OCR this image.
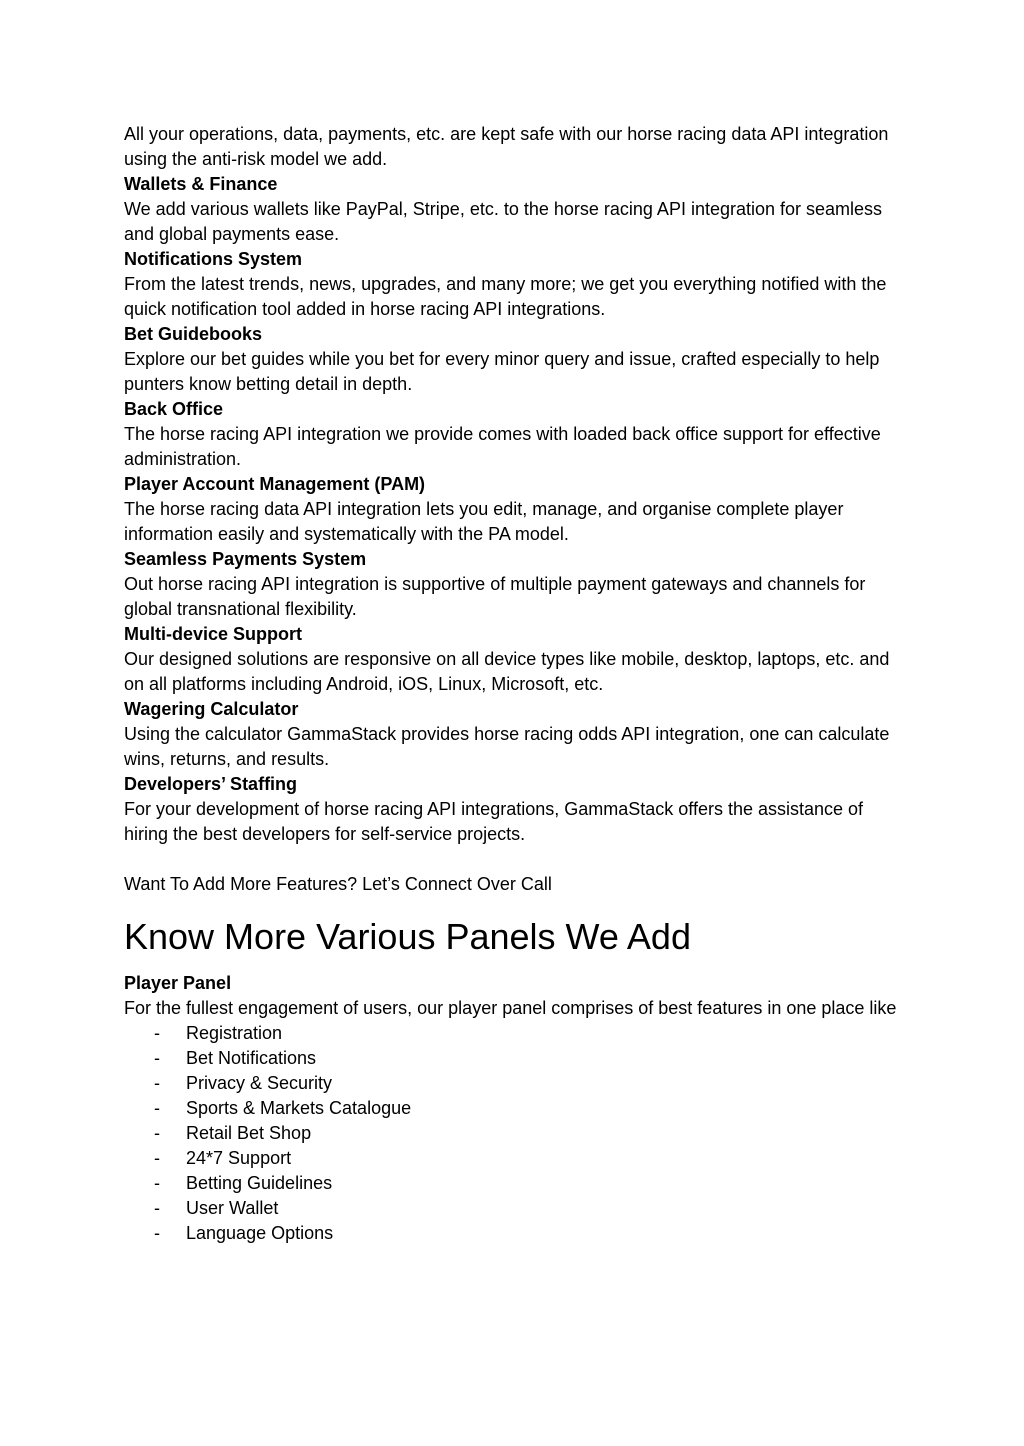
All your operations, data, payments, etc. are kept safe with our horse racing data API integration using the anti-risk model we add.

Wallets & Finance

We add various wallets like PayPal, Stripe, etc. to the horse racing API integration for seamless and global payments ease.

Notifications System

From the latest trends, news, upgrades, and many more; we get you everything notified with the quick notification tool added in horse racing API integrations.

Bet Guidebooks

Explore our bet guides while you bet for every minor query and issue, crafted especially to help punters know betting detail in depth.

Back Office

The horse racing API integration we provide comes with loaded back office support for effective administration.

Player Account Management (PAM)

The horse racing data API integration lets you edit, manage, and organise complete player information easily and systematically with the PA model.

Seamless Payments System

Out horse racing API integration is supportive of multiple payment gateways and channels for global transnational flexibility.

Multi-device Support

Our designed solutions are responsive on all device types like mobile, desktop, laptops, etc. and on all platforms including Android, iOS, Linux, Microsoft, etc.

Wagering Calculator

Using the calculator GammaStack provides horse racing odds API integration, one can calculate wins, returns, and results.

Developers’ Staffing

For your development of horse racing API integrations, GammaStack offers the assistance of hiring the best developers for self-service projects.

Want To Add More Features? Let’s Connect Over Call

Know More Various Panels We Add

Player Panel

For the fullest engagement of users, our player panel comprises of best features in one place like

- Registration
- Bet Notifications
- Privacy & Security
- Sports & Markets Catalogue
- Retail Bet Shop
- 24*7 Support
- Betting Guidelines
- User Wallet
- Language Options
